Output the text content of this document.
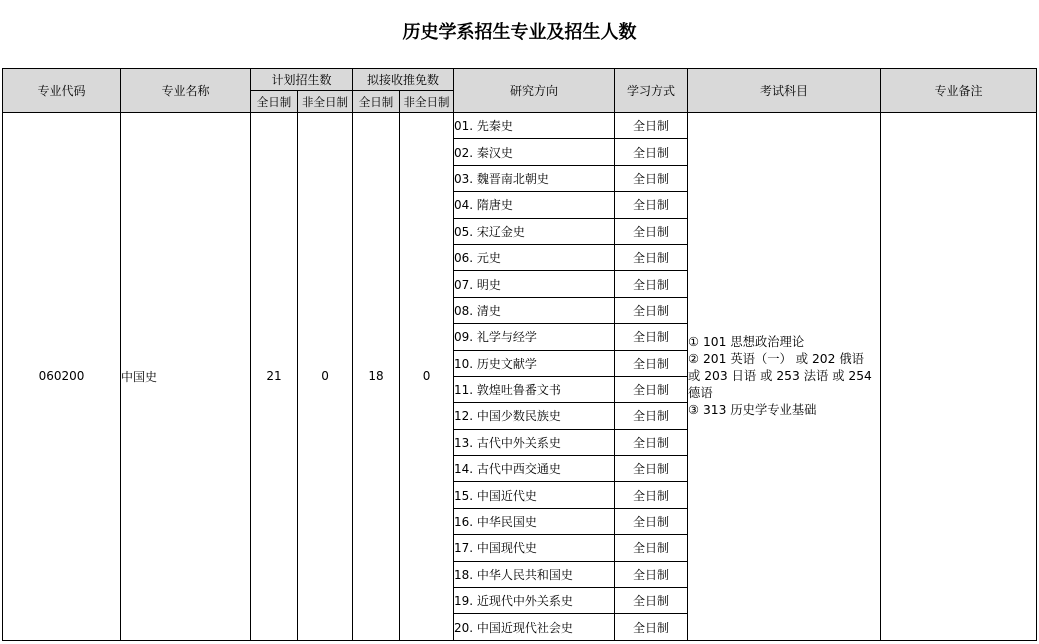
历史学系招生专业及招生人数
专业代码	专业名称	计划招生数		拟接收推免数		研究方向	学习方式	考试科目	专业备注
		全日制	非全日制	全日制	非全日制				
060200	中国史	21	0	18	0	01. 先秦史	全日制	① 101 思想政治理论
② 201 英语（一） 或 202 俄语 或 203 日语 或 253 法语 或 254 德语
③ 313 历史学专业基础	

						02. 秦汉史	全日制		
						03. 魏晋南北朝史	全日制		
						04. 隋唐史	全日制		
						05. 宋辽金史	全日制		
						06. 元史	全日制		
						07. 明史	全日制		
						08. 清史	全日制		
						09. 礼学与经学	全日制		
						10. 历史文献学	全日制		
						11. 敦煌吐鲁番文书	全日制		
						12. 中国少数民族史	全日制		
						13. 古代中外关系史	全日制		
						14. 古代中西交通史	全日制		
						15. 中国近代史	全日制		
						16. 中华民国史	全日制		
						17. 中国现代史	全日制		
						18. 中华人民共和国史	全日制		
						19. 近现代中外关系史	全日制		
						20. 中国近现代社会史	全日制		
